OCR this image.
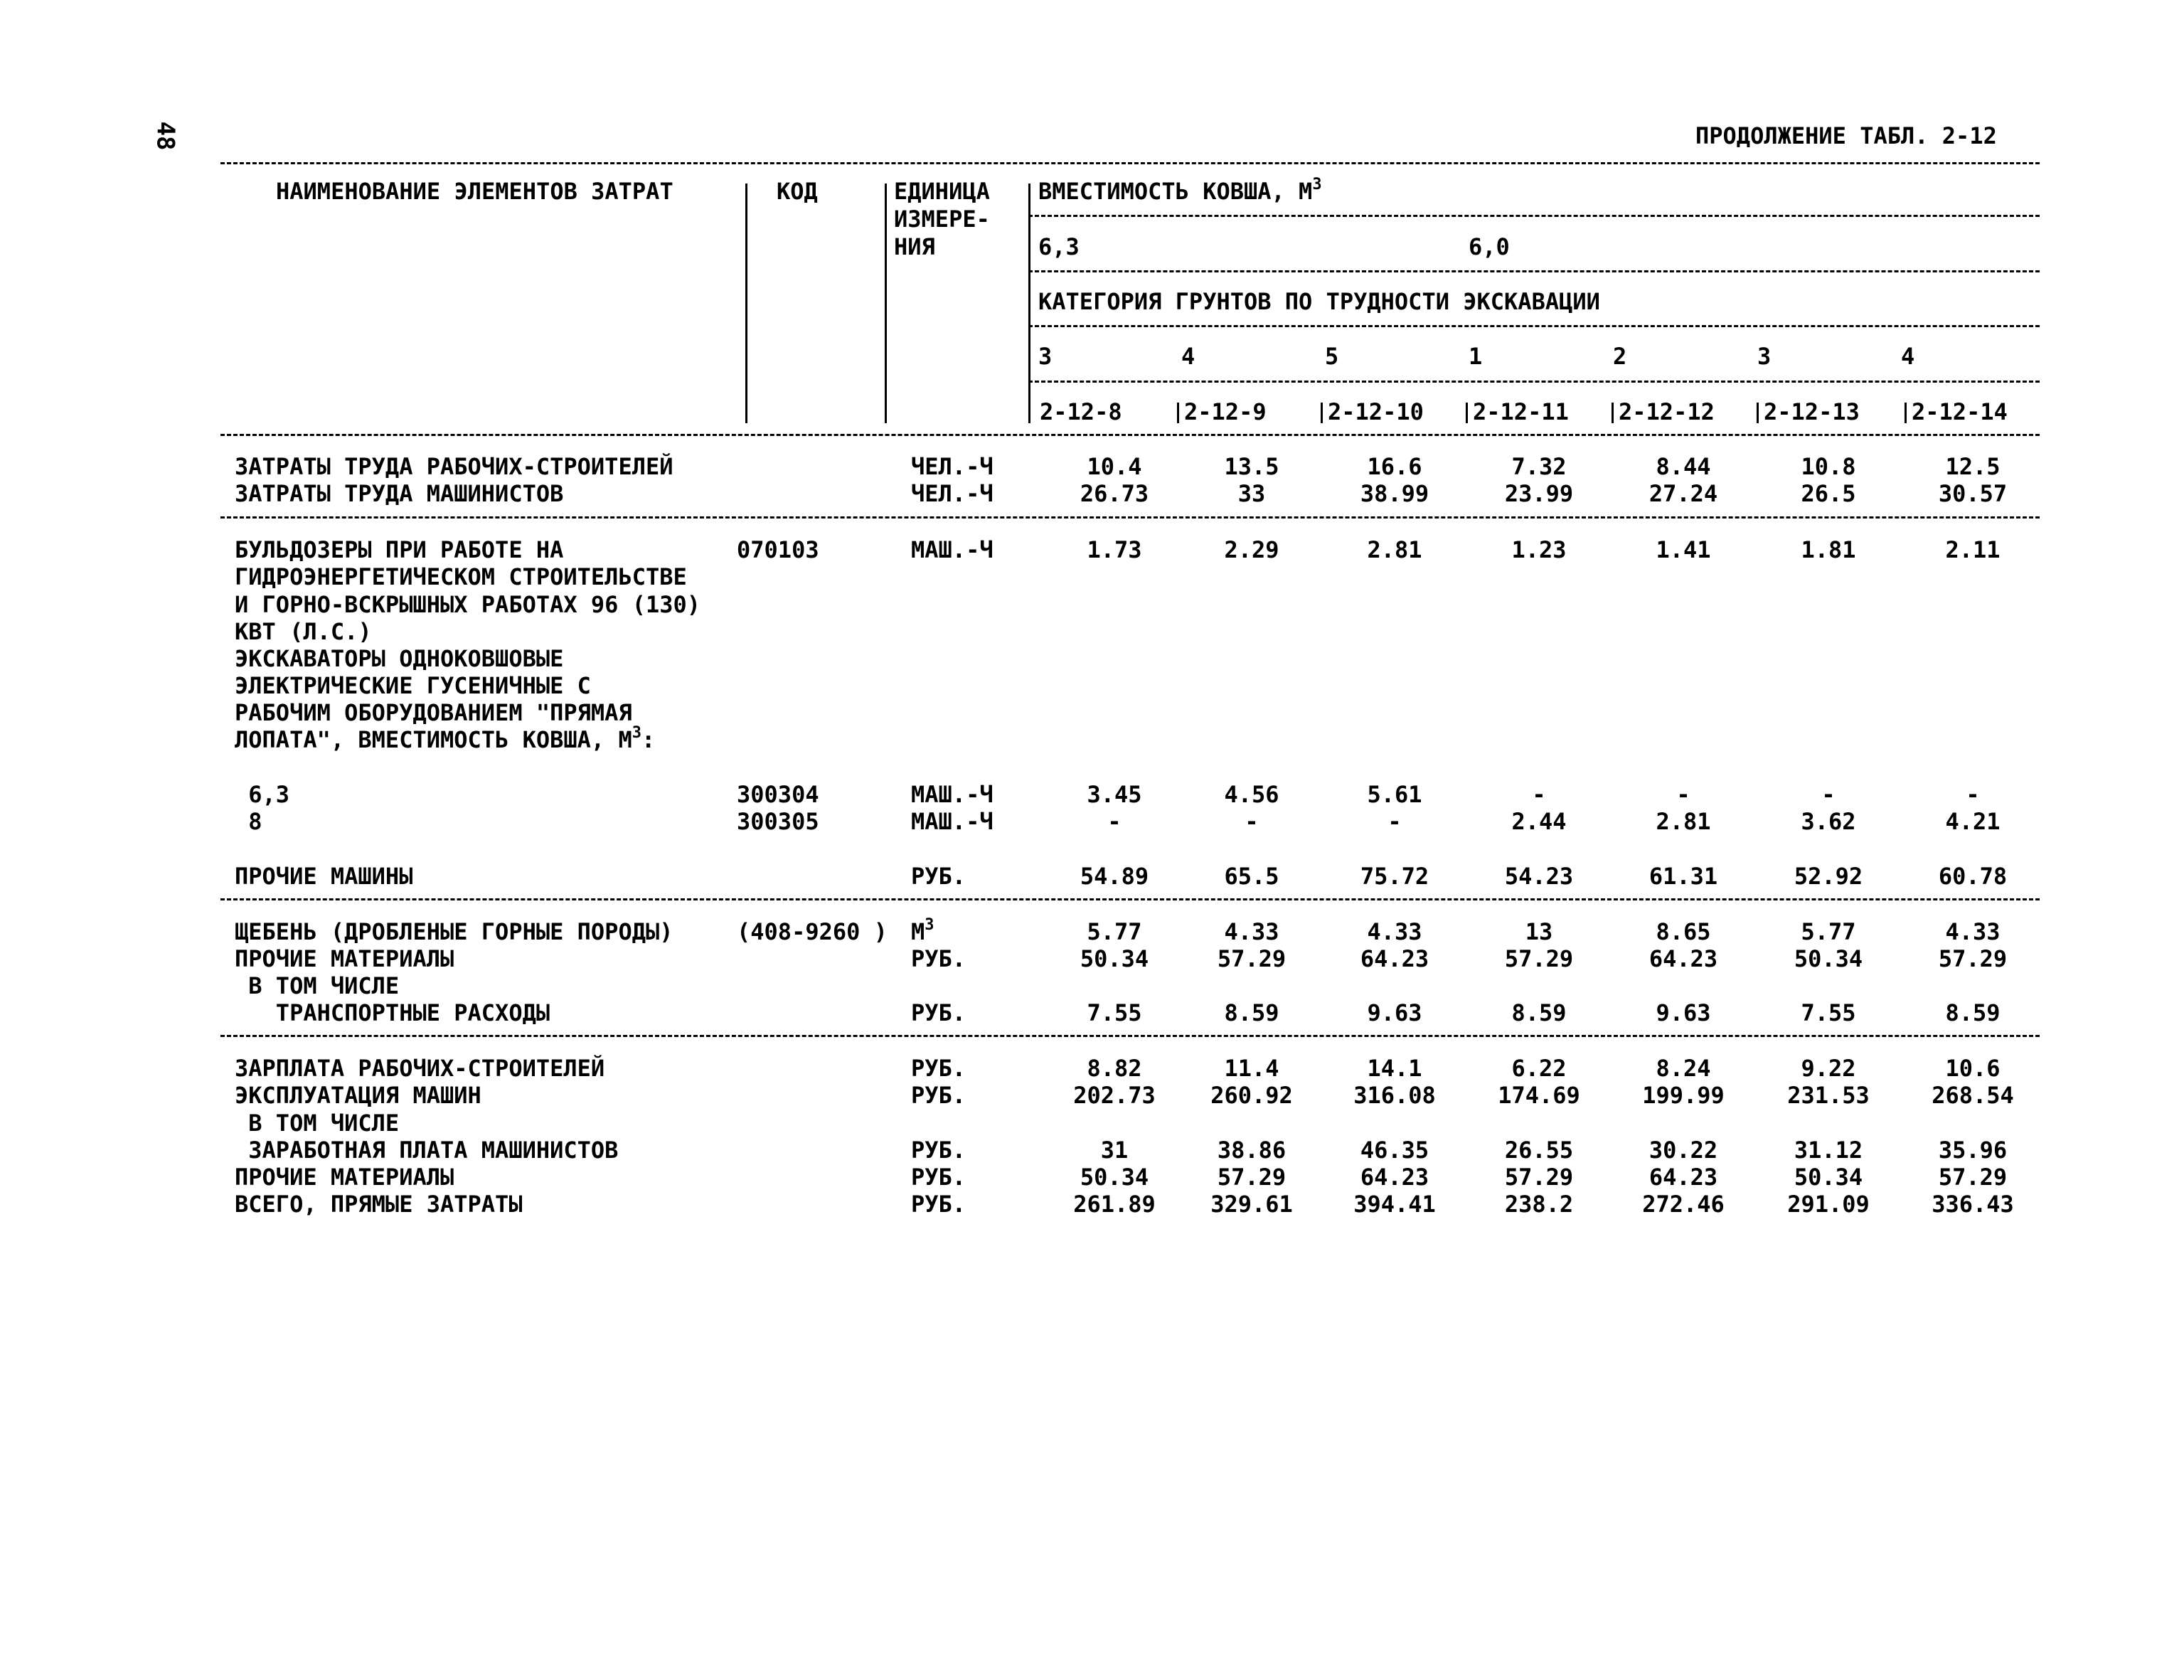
48	ПРОДОЛЖЕНИЕ ТАБЛ. 2-12
НАИМЕНОВАНИЕ ЭЛЕМЕНТОВ ЗАТРАТ	КОД	ЕДИНИЦА
ИЗМЕРЕ-
НИЯ
ВМЕСТИМОСТЬ КОВША, $М^3$
6,3	6,0
КАТЕГОРИЯ ГРУНТОВ ПО ТРУДНОСТИ ЭКСКАВАЦИИ
3	4	5	1	2	3	4
2-12-8	2-12-9	2-12-10 2-12-11 2-12-12 2-12-13 2-12-14
ЗАТРАТЫ ТРУДА РАБОЧИХ-СТРОИТЕЛЕЙ	ЧЕЛ.-Ч	10.4	13.5	16.6	7.32	8.44	10.8	12.5
ЗАТРАТЫ ТРУДА МАШИНИСТОВ	ЧЕЛ.-Ч	26.73	33	38.99	23.99	27.24	26.5	30.57
БУЛЬДОЗЕРЫ ПРИ РАБОТЕ НА	070103	МАШ.-Ч	1.73	2.29	2.81	1.23	1.41	1.81	2.11
ГИДРОЭНЕРГЕТИЧЕСКОМ СТРОИТЕЛЬСТВЕ
И ГОРНО-ВСКРЫШНЫХ РАБОТАХ 96 (130)
КВТ (Л.С.)
ЭКСКАВАТОРЫ ОДНОКОВШОВЫЕ
ЭЛЕКТРИЧЕСКИЕ ГУСЕНИЧНЫЕ С
РАБОЧИМ ОБОРУДОВАНИЕМ "ПРЯМАЯ
ЛОПАТА", ВМЕСТИМОСТЬ КОВША, $М^3$:
6,3	300304	МАШ.-Ч	3.45	4.56	5.61	-	-	-	-
8	300305	МАШ.-Ч	-	-	-	2.44	2.81	3.62	4.21
ПРОЧИЕ МАШИНЫ	РУБ.	54.89	65.5	75.72	54.23	61.31	52.92	60.78
ЩЕБЕНЬ (ДРОБЛЕНЫЕ ГОРНЫЕ ПОРОДЫ)	(408-9260 ) $М^3$	5.77	4.33	4.33	13	8.65	5.77	4.33
ПРОЧИЕ МАТЕРИАЛЫ	РУБ.	50.34	57.29	64.23	57.29	64.23	50.34	57.29
В ТОМ ЧИСЛЕ
ТРАНСПОРТНЫЕ РАСХОДЫ	РУБ.	7.55	8.59	9.63	8.59	9.63	7.55	8.59
ЗАРПЛАТА РАБОЧИХ-СТРОИТЕЛЕЙ	РУБ.	8.82	11.4	14.1	6.22	8.24	9.22	10.6
ЭКСПЛУАТАЦИЯ МАШИН	РУБ.	202.73	260.92	316.08	174.69	199.99	231.53	268.54
В ТОМ ЧИСЛЕ
ЗАРАБОТНАЯ ПЛАТА МАШИНИСТОВ	РУБ.	31	38.86	46.35	26.55	30.22	31.12	35.96
ПРОЧИЕ МАТЕРИАЛЫ	РУБ.	50.34	57.29	64.23	57.29	64.23	50.34	57.29
ВСЕГО, ПРЯМЫЕ ЗАТРАТЫ	РУБ.	261.89	329.61	394.41	238.2	272.46	291.09	336.43
